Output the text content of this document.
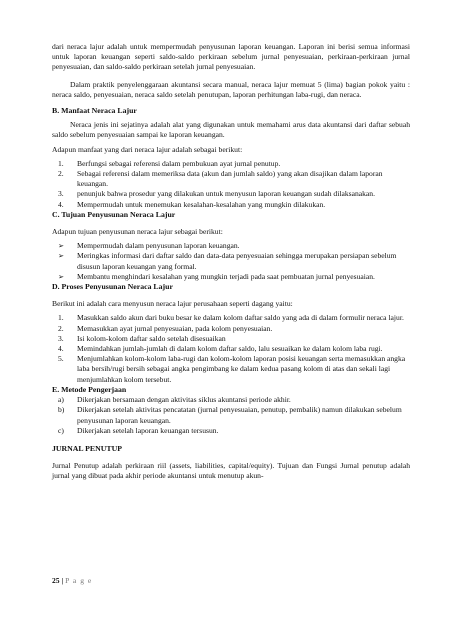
dari neraca lajur adalah untuk mempermudah penyusunan laporan keuangan. Laporan ini berisi semua informasi untuk laporan keuangan seperti saldo-saldo perkiraan sebelum jurnal penyesuaian, perkiraan-perkiraan jurnal penyesuaian, dan saldo-saldo perkiraan setelah jurnal penyesuaian.

Dalam praktik penyelenggaraan akuntansi secara manual, neraca lajur memuat 5 (lima) bagian pokok yaitu : neraca saldo, penyesuaian, neraca saldo setelah penutupan, laporan perhitungan laba-rugi, dan neraca.

B. Manfaat Neraca Lajur

Neraca jenis ini sejatinya adalah alat yang digunakan untuk memahami arus data akuntansi dari daftar sebuah saldo sebelum penyesuaian sampai ke laporan keuangan.

Adapun manfaat yang dari neraca lajur adalah sebagai berikut:

1. Berfungsi sebagai referensi dalam pembukuan ayat jurnal penutup.
2. Sebagai referensi dalam memeriksa data (akun dan jumlah saldo) yang akan disajikan dalam laporan keuangan.
3. penunjuk bahwa prosedur yang dilakukan untuk menyusun laporan keuangan sudah dilaksanakan.
4. Mempermudah untuk menemukan kesalahan-kesalahan yang mungkin dilakukan.
C. Tujuan Penyusunan Neraca Lajur

Adapun tujuan penyusunan neraca lajur sebagai berikut:

➢ Mempermudah dalam penyusunan laporan keuangan.
➢ Meringkas informasi dari daftar saldo dan data-data penyesuaian sehingga merupakan persiapan sebelum disusun laporan keuangan yang formal.
➢ Membantu menghindari kesalahan yang mungkin terjadi pada saat pembuatan jurnal penyesuaian.
D. Proses Penyusunan Neraca Lajur

Berikut ini adalah cara menyusun neraca lajur perusahaan seperti dagang yaitu:

1. Masukkan saldo akun dari buku besar ke dalam kolom daftar saldo yang ada di dalam formulir neraca lajur.
2. Memasukkan ayat jurnal penyesuaian, pada kolom penyesuaian.
3. Isi kolom-kolom daftar saldo setelah disesuaikan
4. Memindahkan jumlah-jumlah di dalam kolom daftar saldo, lalu sesuaikan ke dalam kolom laba rugi.
5. Menjumlahkan kolom-kolom laba-rugi dan kolom-kolom laporan posisi keuangan serta memasukkan angka laba bersih/rugi bersih sebagai angka pengimbang ke dalam kedua pasang kolom di atas dan sekali lagi menjumlahkan kolom tersebut.
E. Metode Pengerjaan
a) Dikerjakan bersamaan dengan aktivitas siklus akuntansi periode akhir.
b) Dikerjakan setelah aktivitas pencatatan (jurnal penyesuaian, penutup, pembalik) namun dilakukan sebelum penyusunan laporan keuangan.
c) Dikerjakan setelah laporan keuangan tersusun.
JURNAL PENUTUP

Jurnal Penutup adalah perkiraan riil (assets, liabilities, capital/equity). Tujuan dan Fungsi Jurnal penutup adalah jurnal yang dibuat pada akhir periode akuntansi untuk menutup akun-

25 | P a g e
